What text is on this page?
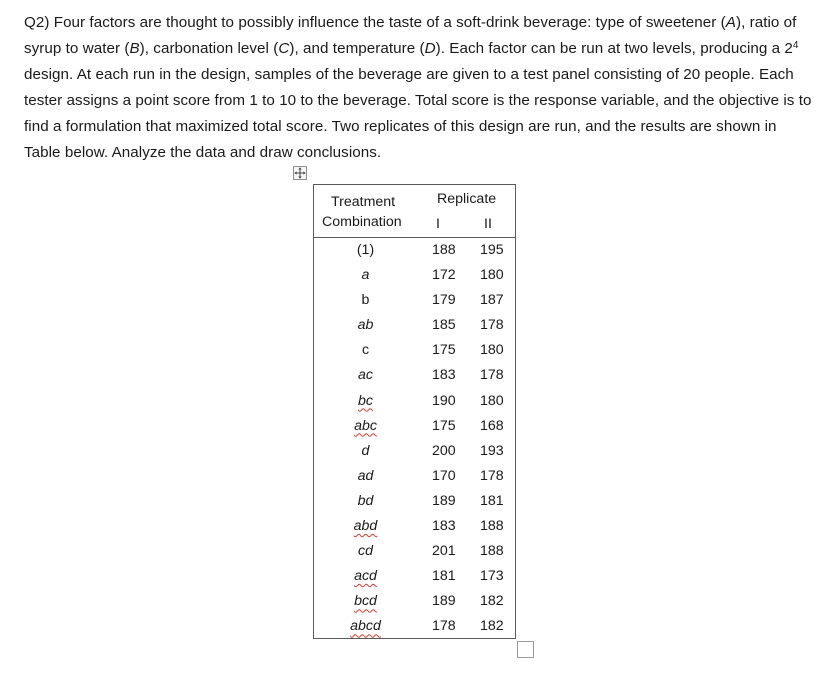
Q2) Four factors are thought to possibly influence the taste of a soft-drink beverage: type of sweetener (A), ratio of syrup to water (B), carbonation level (C), and temperature (D). Each factor can be run at two levels, producing a $2^4$ design. At each run in the design, samples of the beverage are given to a test panel consisting of 20 people. Each tester assigns a point score from 1 to 10 to the beverage. Total score is the response variable, and the objective is to find a formulation that maximized total score. Two replicates of this design are run, and the results are shown in Table below. Analyze the data and draw conclusions.
Treatment
Combination
Replicate
I	II
(1)	188 195
a	172 180
b	179 187
ab	185 178
c	175 180
ac	183 178
bc	190 180
abc	175 168
d	200 193
ad	170 178
bd	189 181
abd	183 188
cd	201 188
acd	181 173
bcd	189 182
abcd	178 182
